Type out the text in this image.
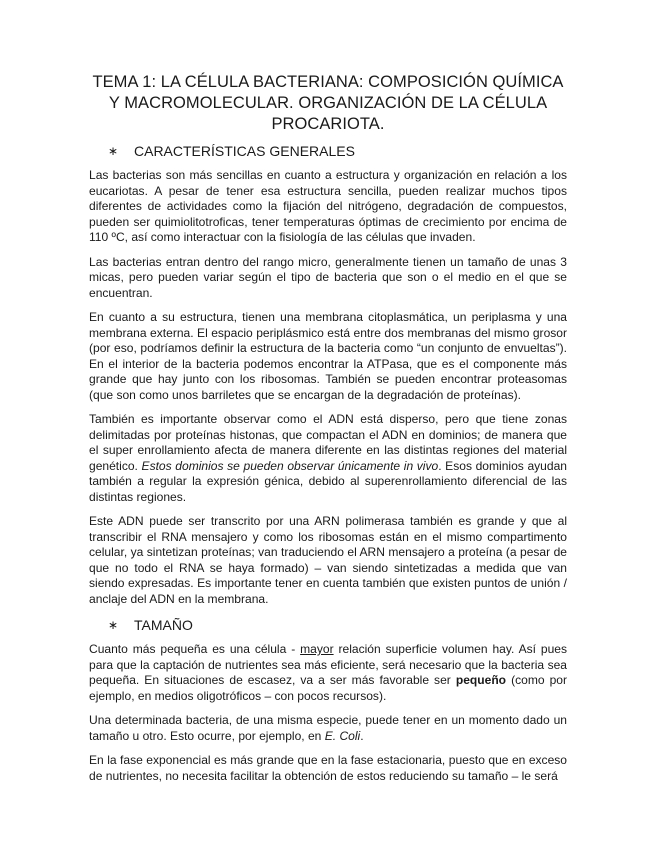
TEMA 1: LA CÉLULA BACTERIANA: COMPOSICIÓN QUÍMICA Y MACROMOLECULAR. ORGANIZACIÓN DE LA CÉLULA PROCARIOTA.
∗	CARACTERÍSTICAS GENERALES

Las bacterias son más sencillas en cuanto a estructura y organización en relación a los eucariotas. A pesar de tener esa estructura sencilla, pueden realizar muchos tipos diferentes de actividades como la fijación del nitrógeno, degradación de compuestos, pueden ser quimiolitotroficas, tener temperaturas óptimas de crecimiento por encima de 110 ºC, así como interactuar con la fisiología de las células que invaden.

Las bacterias entran dentro del rango micro, generalmente tienen un tamaño de unas 3 micas, pero pueden variar según el tipo de bacteria que son o el medio en el que se encuentran.

En cuanto a su estructura, tienen una membrana citoplasmática, un periplasma y una membrana externa. El espacio periplásmico está entre dos membranas del mismo grosor (por eso, podríamos definir la estructura de la bacteria como “un conjunto de envueltas”). En el interior de la bacteria podemos encontrar la ATPasa, que es el componente más grande que hay junto con los ribosomas. También se pueden encontrar proteasomas (que son como unos barriletes que se encargan de la degradación de proteínas).

También es importante observar como el ADN está disperso, pero que tiene zonas delimitadas por proteínas histonas, que compactan el ADN en dominios; de manera que el super enrollamiento afecta de manera diferente en las distintas regiones del material genético. Estos dominios se pueden observar únicamente in vivo. Esos dominios ayudan también a regular la expresión génica, debido al superenrollamiento diferencial de las distintas regiones.

Este ADN puede ser transcrito por una ARN polimerasa también es grande y que al transcribir el RNA mensajero y como los ribosomas están en el mismo compartimento celular, ya sintetizan proteínas; van traduciendo el ARN mensajero a proteína (a pesar de que no todo el RNA se haya formado) – van siendo sintetizadas a medida que van siendo expresadas. Es importante tener en cuenta también que existen puntos de unión / anclaje del ADN en la membrana.

∗	TAMAÑO

Cuanto más pequeña es una célula - mayor relación superficie volumen hay. Así pues para que la captación de nutrientes sea más eficiente, será necesario que la bacteria sea pequeña. En situaciones de escasez, va a ser más favorable ser pequeño (como por ejemplo, en medios oligotróficos – con pocos recursos).

Una determinada bacteria, de una misma especie, puede tener en un momento dado un tamaño u otro. Esto ocurre, por ejemplo, en E. Coli.

En la fase exponencial es más grande que en la fase estacionaria, puesto que en exceso de nutrientes, no necesita facilitar la obtención de estos reduciendo su tamaño – le será
